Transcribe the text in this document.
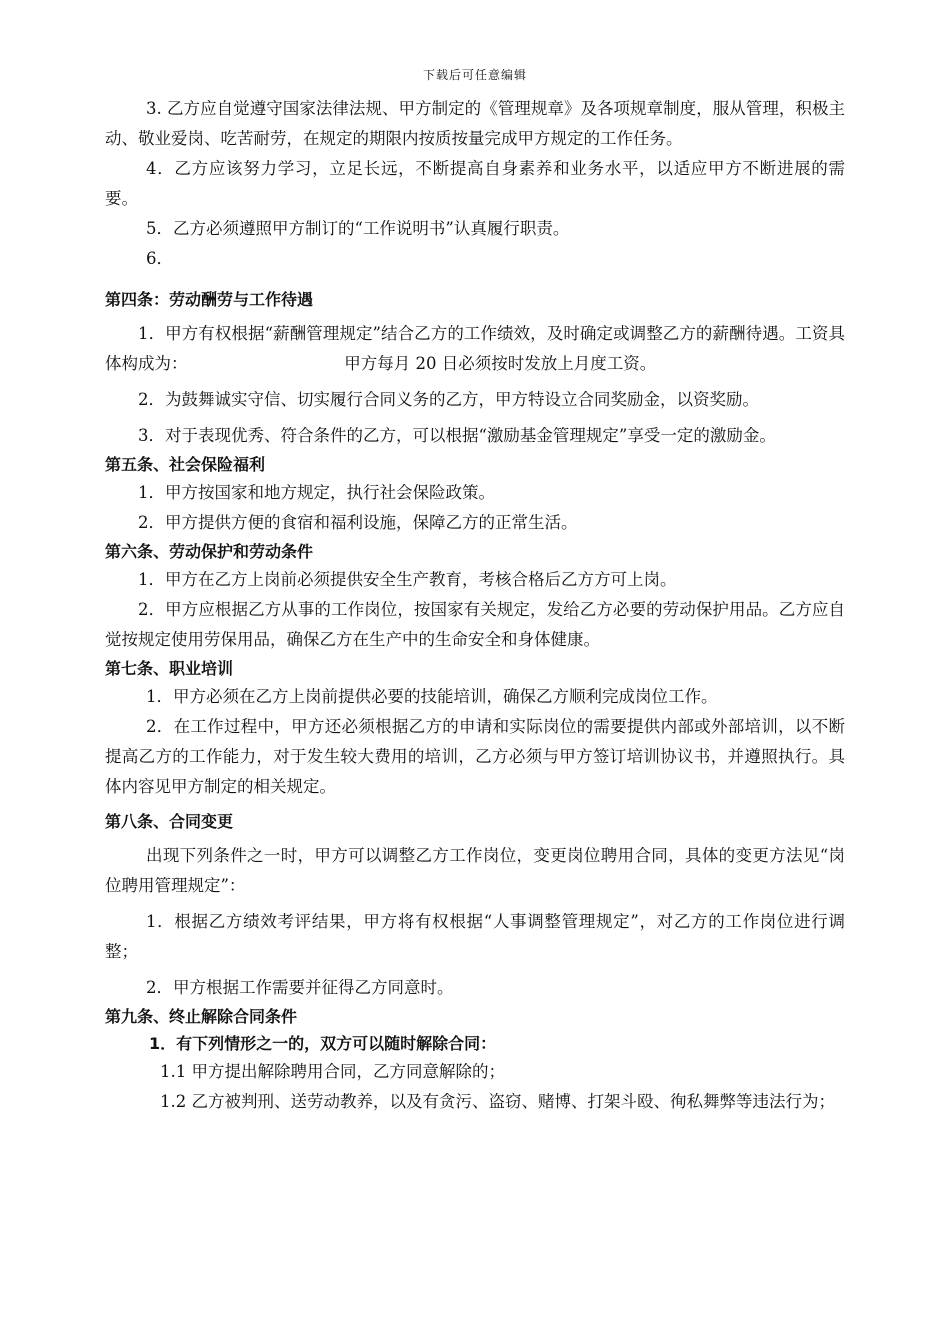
下载后可任意编辑

3. 乙方应自觉遵守国家法律法规、甲方制定的《管理规章》及各项规章制度，服从管理，积极主动、敬业爱岗、吃苦耐劳，在规定的期限内按质按量完成甲方规定的工作任务。

4．乙方应该努力学习，立足长远，不断提高自身素养和业务水平，以适应甲方不断进展的需要。

5．乙方必须遵照甲方制订的“工作说明书”认真履行职责。

6．

第四条：劳动酬劳与工作待遇

1．甲方有权根据“薪酬管理规定”结合乙方的工作绩效，及时确定或调整乙方的薪酬待遇。工资具体构成为：　　　　　　　　　　甲方每月 20 日必须按时发放上月度工资。

2．为鼓舞诚实守信、切实履行合同义务的乙方，甲方特设立合同奖励金，以资奖励。

3．对于表现优秀、符合条件的乙方，可以根据“激励基金管理规定”享受一定的激励金。

第五条、社会保险福利

1．甲方按国家和地方规定，执行社会保险政策。

2．甲方提供方便的食宿和福利设施，保障乙方的正常生活。

第六条、劳动保护和劳动条件

1．甲方在乙方上岗前必须提供安全生产教育，考核合格后乙方方可上岗。

2．甲方应根据乙方从事的工作岗位，按国家有关规定，发给乙方必要的劳动保护用品。乙方应自觉按规定使用劳保用品，确保乙方在生产中的生命安全和身体健康。

第七条、职业培训

1．甲方必须在乙方上岗前提供必要的技能培训，确保乙方顺利完成岗位工作。

2．在工作过程中，甲方还必须根据乙方的申请和实际岗位的需要提供内部或外部培训，以不断提高乙方的工作能力，对于发生较大费用的培训，乙方必须与甲方签订培训协议书，并遵照执行。具体内容见甲方制定的相关规定。

第八条、合同变更

出现下列条件之一时，甲方可以调整乙方工作岗位，变更岗位聘用合同，具体的变更方法见“岗位聘用管理规定”：

1．根据乙方绩效考评结果，甲方将有权根据“人事调整管理规定”，对乙方的工作岗位进行调整；

2．甲方根据工作需要并征得乙方同意时。

第九条、终止解除合同条件

1．有下列情形之一的，双方可以随时解除合同：

1.1 甲方提出解除聘用合同，乙方同意解除的；

1.2 乙方被判刑、送劳动教养，以及有贪污、盗窃、赌博、打架斗殴、徇私舞弊等违法行为；
